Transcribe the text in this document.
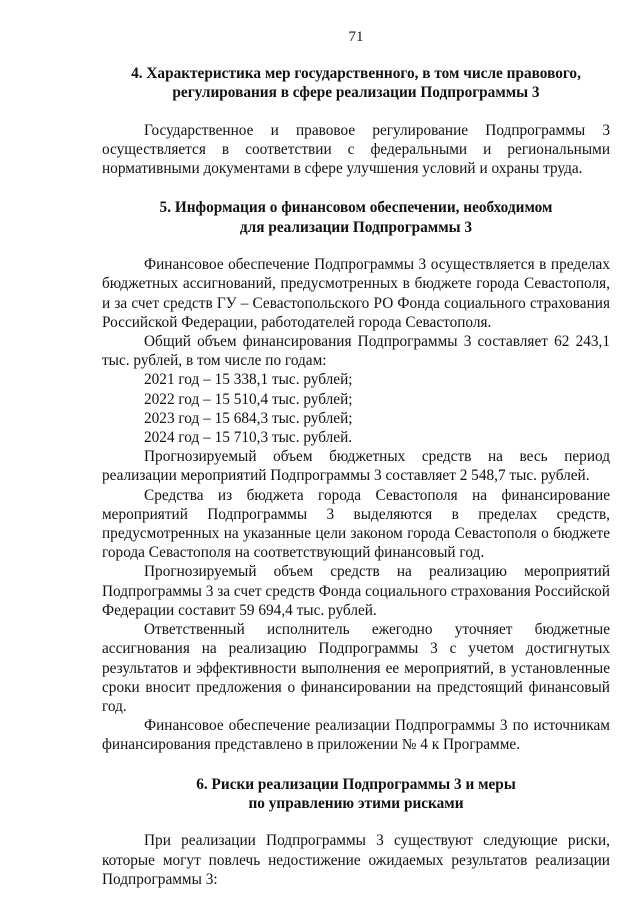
71
4. Характеристика мер государственного, в том числе правового,
регулирования в сфере реализации Подпрограммы 3

Государственное и правовое регулирование Подпрограммы 3 осуществляется в соответствии с федеральными и региональными нормативными документами в сфере улучшения условий и охраны труда.

5. Информация о финансовом обеспечении, необходимом
для реализации Подпрограммы 3

Финансовое обеспечение Подпрограммы 3 осуществляется в пределах бюджетных ассигнований, предусмотренных в бюджете города Севастополя, и за счет средств ГУ – Севастопольского РО Фонда социального страхования Российской Федерации, работодателей города Севастополя.

Общий объем финансирования Подпрограммы 3 составляет 62 243,1 тыс. рублей, в том числе по годам:

2021 год – 15 338,1 тыс. рублей;

2022 год – 15 510,4 тыс. рублей;

2023 год – 15 684,3 тыс. рублей;

2024 год – 15 710,3 тыс. рублей.

Прогнозируемый объем бюджетных средств на весь период реализации мероприятий Подпрограммы 3 составляет 2 548,7 тыс. рублей.

Средства из бюджета города Севастополя на финансирование мероприятий Подпрограммы 3 выделяются в пределах средств, предусмотренных на указанные цели законом города Севастополя о бюджете города Севастополя на соответствующий финансовый год.

Прогнозируемый объем средств на реализацию мероприятий Подпрограммы 3 за счет средств Фонда социального страхования Российской Федерации составит 59 694,4 тыс. рублей.

Ответственный исполнитель ежегодно уточняет бюджетные ассигнования на реализацию Подпрограммы 3 с учетом достигнутых результатов и эффективности выполнения ее мероприятий, в установленные сроки вносит предложения о финансировании на предстоящий финансовый год.

Финансовое обеспечение реализации Подпрограммы 3 по источникам финансирования представлено в приложении № 4 к Программе.

6. Риски реализации Подпрограммы 3 и меры
по управлению этими рисками

При реализации Подпрограммы 3 существуют следующие риски, которые могут повлечь недостижение ожидаемых результатов реализации Подпрограммы 3:
